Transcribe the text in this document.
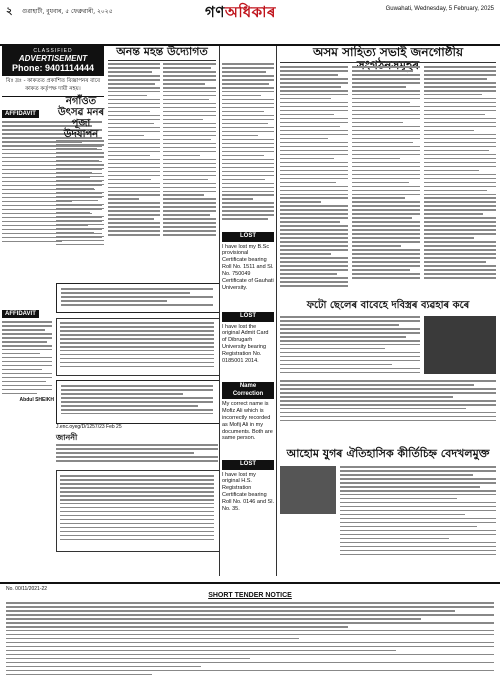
২ গুৱাহাটী, বুধবাৰ, ৫ ফেব্ৰুৱাৰী, ২০২৫	গণঅধিকাৰ	Guwahati, Wednesday, 5 February, 2025
CLASSIFIED
ADVERTISEMENT
Phone: 9401114444
বিঃ দ্ৰঃ - কাকতত প্ৰকাশিত বিজ্ঞাপনৰ বাবে কাকত কৰ্তৃপক্ষ দায়ী নহয়।
AFFIDAVIT
AFFIDAVIT
Abdul SHEIKH
নগাঁওত
উৎসৱ মনৰ
পূজা উদযাপন
অনন্ত মহন্ত উদ্যোগত
J.enc.oyeg/D/1257/23 Feb 25
জাননী
LOST
I have lost my B.Sc provisional Certificate bearing Roll No. 1511 and Sl. No. 750049 Certificate of Gauhati University.
LOST
I have lost the original Admit Card of Dibrugarh University bearing Registration No. 0185001 2014.
Name Correction
My correct name is Mofiz Ali which is incorrectly recorded as Mofij Ali in my documents. Both are same person.
LOST
I have lost my original H.S. Registration Certificate bearing Roll No. 0146 and Sl. No. 35.
অসম সাহিত্য সভাই জনগোষ্ঠীয়
ফটো ছেলেৰ বাবেহে দবিস্ত্ৰৰ ব্যৱহাৰ কৰে
আহোম যুগৰ ঐতিহাসিক কীৰ্তিচিহ্ন বেদখলমুক্ত
No. 00/11/2021-22
SHORT TENDER NOTICE
